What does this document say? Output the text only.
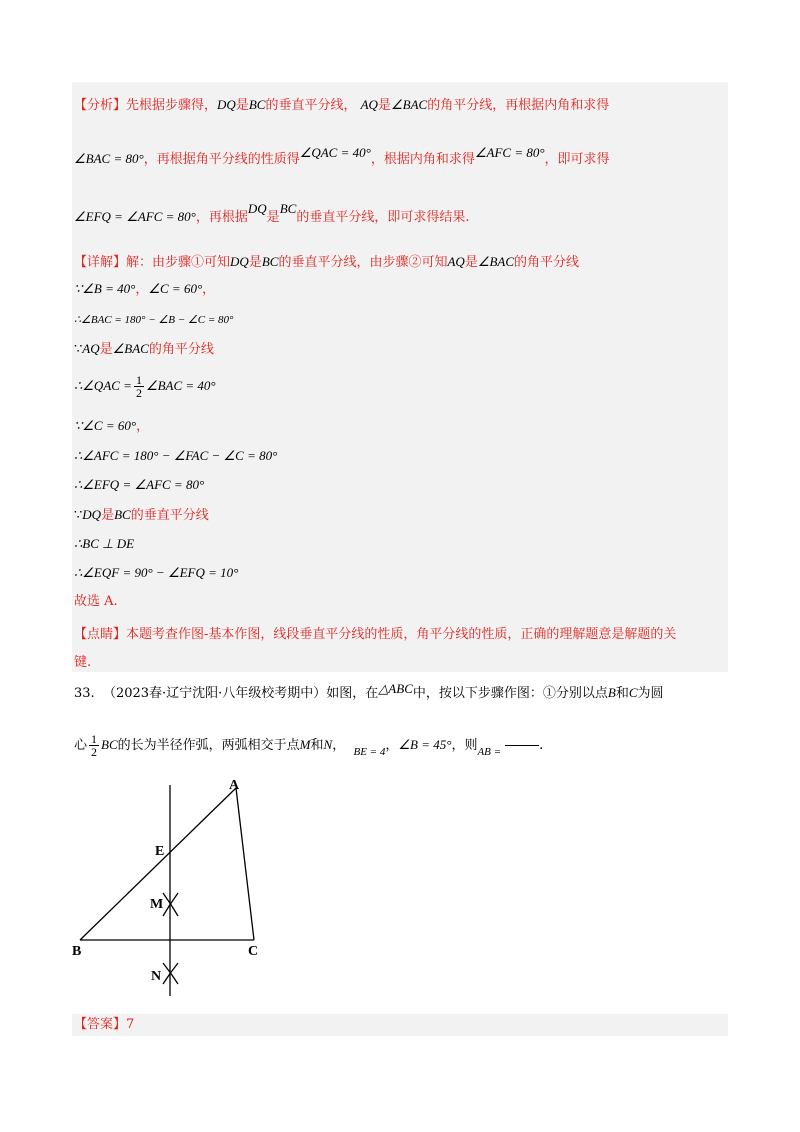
【分析】先根据步骤得，DQ是BC的垂直平分线， AQ是∠BAC的角平分线，再根据内角和求得
∠BAC = 80°，再根据角平分线的性质得∠QAC = 40°，根据内角和求得∠AFC = 80°，即可求得
∠EFQ = ∠AFC = 80°，再根据DQ是BC的垂直平分线，即可求得结果.
【详解】解：由步骤①可知DQ是BC的垂直平分线，由步骤②可知AQ是∠BAC的角平分线
∵∠B = 40°，∠C = 60°，
∴∠BAC = 180° − ∠B − ∠C = 80°
∵AQ是∠BAC的角平分线
∴∠QAC = $\frac{1}{2}$ ∠BAC = 40°
∵∠C = 60°，
∴∠AFC = 180° − ∠FAC − ∠C = 80°
∴∠EFQ = ∠AFC = 80°
∵DQ是BC的垂直平分线
∴BC ⊥ DE
∴∠EQF = 90° − ∠EFQ = 10°
故选 A.
【点睛】本题考查作图-基本作图，线段垂直平分线的性质，角平分线的性质，正确的理解题意是解题的关
键.
33. （2023春·辽宁沈阳·八年级校考期中）如图，在△ABC中，按以下步骤作图：①分别以点B和C为圆
心 $\frac{1}{2}$ BC的长为半径作弧，两弧相交于点M和N， $_{BE = 4}$，∠B = 45°，则$_{AB =}$	.
A
E
M
B	C
N
【答案】7
